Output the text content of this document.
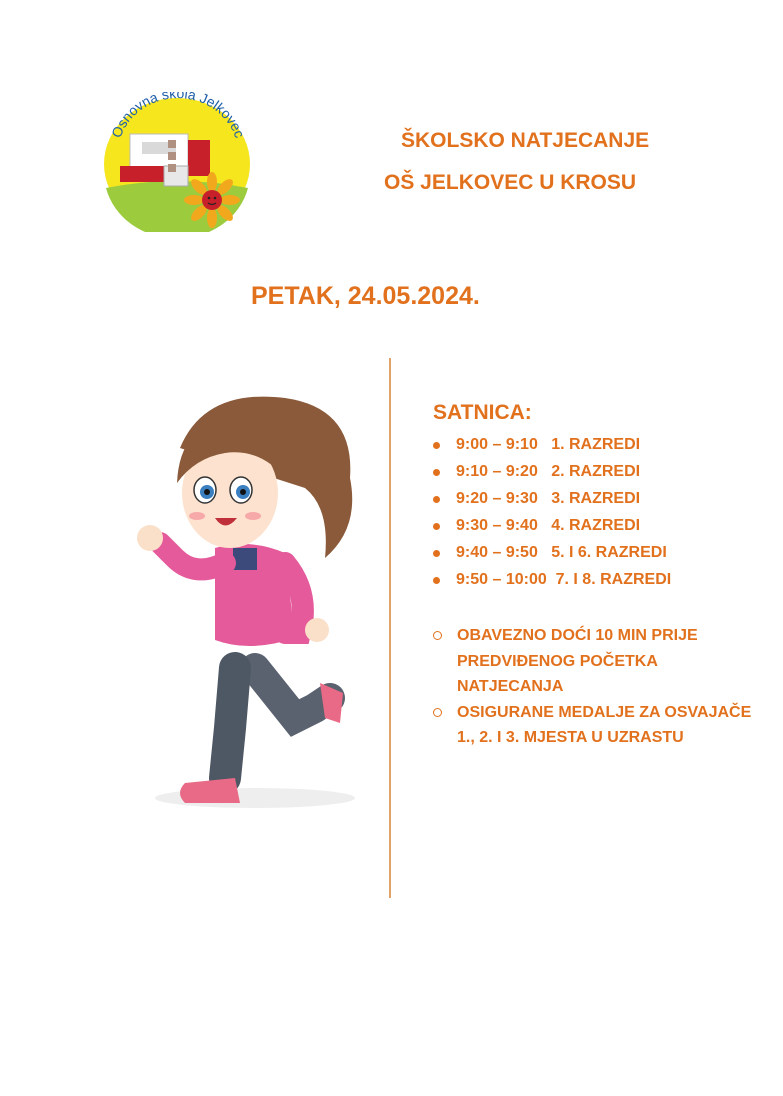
Osnovna škola Jelkovec	ŠKOLSKO NATJECANJE
OŠ JELKOVEC U KROSU
PETAK, 24.05.2024.
SATNICA:
9:00 – 9:10 1. RAZREDI
9:10 – 9:20 2. RAZREDI
9:20 – 9:30 3. RAZREDI
9:30 – 9:40 4. RAZREDI
9:40 – 9:50 5. I 6. RAZREDI
9:50 – 10:00 7. I 8. RAZREDI
OBAVEZNO DOĆI 10 MIN PRIJE PREDVIĐENOG POČETKA NATJECANJA
OSIGURANE MEDALJE ZA OSVAJAČE 1., 2. I 3. MJESTA U UZRASTU
